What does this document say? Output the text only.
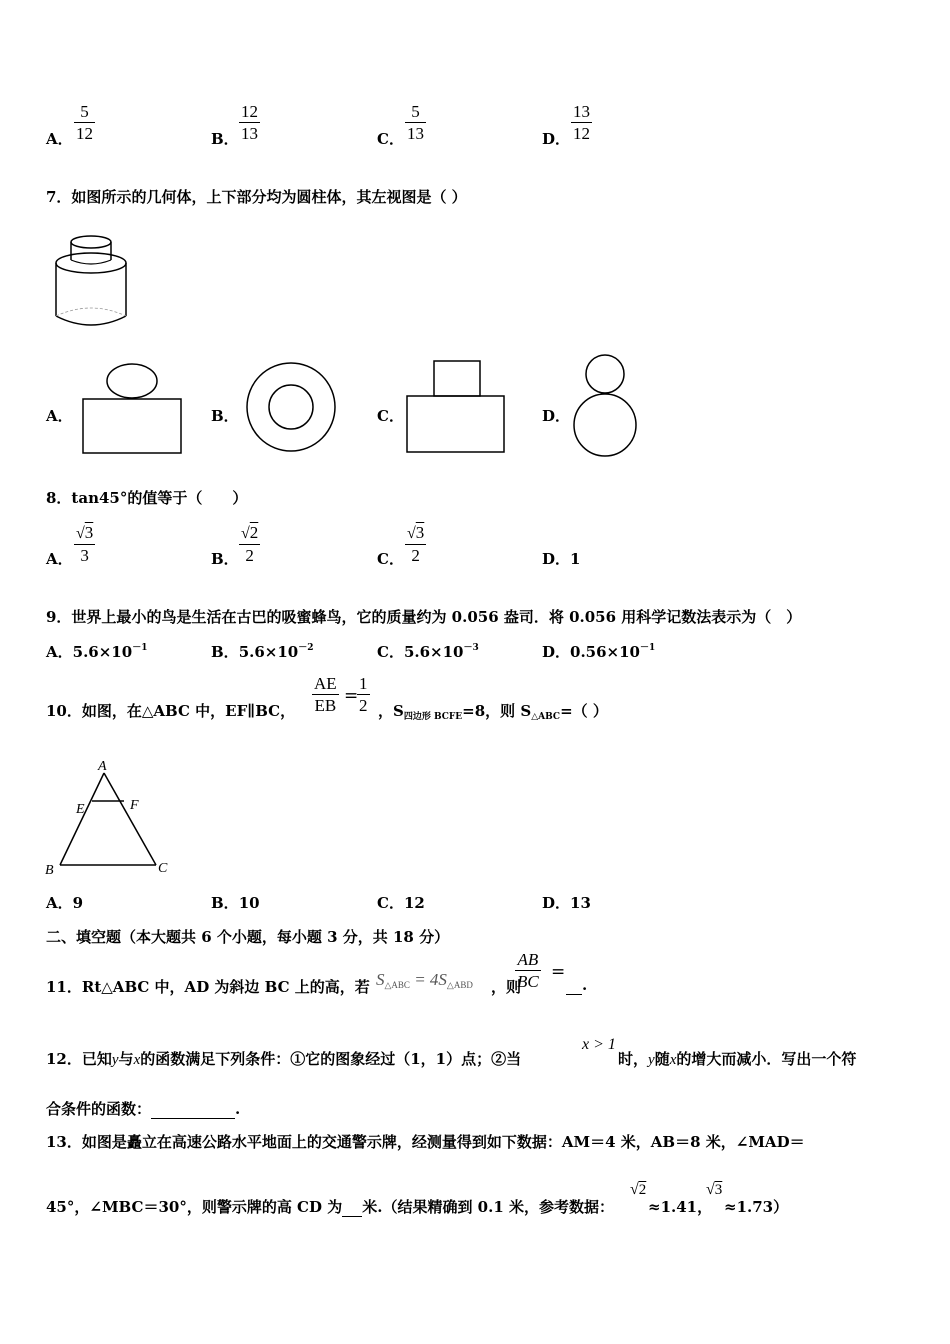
A． $\frac{5}{12}$	B． $\frac{12}{13}$	C． $\frac{5}{13}$	D． $\frac{13}{12}$
7．如图所示的几何体，上下部分均为圆柱体，其左视图是（ ）
A．	B．	C．	D．
8．tan45°的值等于（　　）
A． $\frac{√3}{3}$	B． $\frac{√2}{2}$	C． $\frac{√3}{2}$	D．1
9．世界上最小的鸟是生活在古巴的吸蜜蜂鸟，它的质量约为 0.056 盎司．将 0.056 用科学记数法表示为（　）
A．$5.6\times 10^{-1}$	B．$5.6\times 10^{-2}$	C．$5.6\times 10^{-3}$	D．$0.56\times 10^{-1}$
10．如图，在△ABC 中，EF∥BC， $\frac{AE}{EB}$ =
$\frac{1}{2}$ ，$S_{四边形 BCFE}=8$，则 $S_{\triangle ABC}=$（ ）
A
E	F
B	C
A．9	B．10	C．12	D．13
二、填空题（本大题共 6 个小题，每小题 3 分，共 18 分）
11．Rt△ABC 中，AD 为斜边 BC 上的高，若 $S_{\triangle ABC} = 4S_{\triangle ABD}$ ，则
$\frac{AB}{BC}$ =
.
12．已知y与x的函数满足下列条件：①它的图象经过（1，1）点；②当
x > 1
时，y随x的增大而减小．写出一个符
合条件的函数：	.
13．如图是矗立在高速公路水平地面上的交通警示牌，经测量得到如下数据：AM＝4 米，AB＝8 米，∠MAD＝
45°，∠MBC＝30°，则警示牌的高 CD 为 米.（结果精确到 0.1 米，参考数据：
√2
≈1.41，
√3
≈1.73）
